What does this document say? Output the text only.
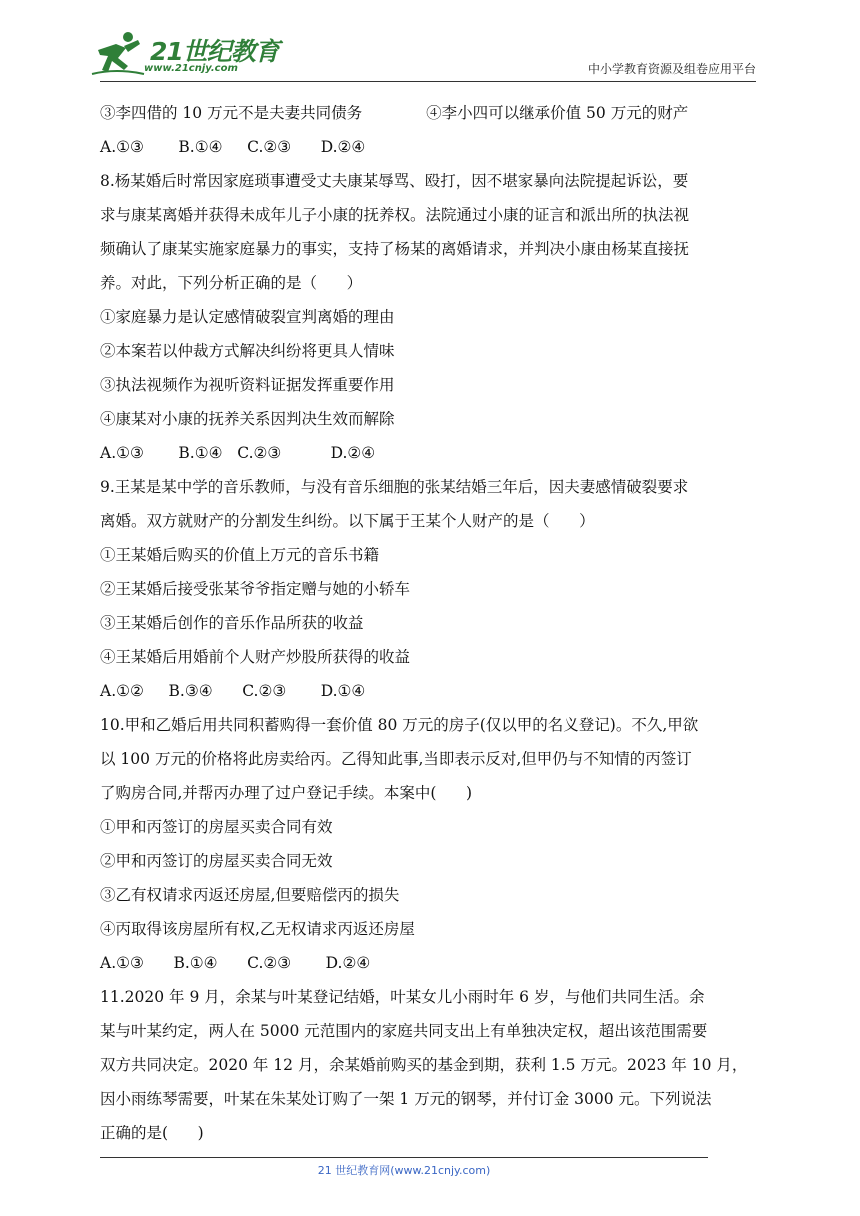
21世纪教育
www.21cnjy.com	中小学教育资源及组卷应用平台
③李四借的 10 万元不是夫妻共同债务             ④李小四可以继承价值 50 万元的财产
A.①③       B.①④     C.②③      D.②④
8.杨某婚后时常因家庭琐事遭受丈夫康某辱骂、殴打，因不堪家暴向法院提起诉讼，要
求与康某离婚并获得未成年儿子小康的抚养权。法院通过小康的证言和派出所的执法视
频确认了康某实施家庭暴力的事实，支持了杨某的离婚请求，并判决小康由杨某直接抚
养。对此，下列分析正确的是（      ）
①家庭暴力是认定感情破裂宣判离婚的理由
②本案若以仲裁方式解决纠纷将更具人情味
③执法视频作为视听资料证据发挥重要作用
④康某对小康的抚养关系因判决生效而解除
A.①③       B.①④   C.②③          D.②④
9.王某是某中学的音乐教师，与没有音乐细胞的张某结婚三年后，因夫妻感情破裂要求
离婚。双方就财产的分割发生纠纷。以下属于王某个人财产的是（      ）
①王某婚后购买的价值上万元的音乐书籍
②王某婚后接受张某爷爷指定赠与她的小轿车
③王某婚后创作的音乐作品所获的收益
④王某婚后用婚前个人财产炒股所获得的收益
A.①②     B.③④      C.②③       D.①④
10.甲和乙婚后用共同积蓄购得一套价值 80 万元的房子(仅以甲的名义登记)。不久,甲欲
以 100 万元的价格将此房卖给丙。乙得知此事,当即表示反对,但甲仍与不知情的丙签订
了购房合同,并帮丙办理了过户登记手续。本案中(      )
①甲和丙签订的房屋买卖合同有效
②甲和丙签订的房屋买卖合同无效
③乙有权请求丙返还房屋,但要赔偿丙的损失
④丙取得该房屋所有权,乙无权请求丙返还房屋
A.①③      B.①④      C.②③       D.②④
11.2020 年 9 月，余某与叶某登记结婚，叶某女儿小雨时年 6 岁，与他们共同生活。余
某与叶某约定，两人在 5000 元范围内的家庭共同支出上有单独决定权，超出该范围需要
双方共同决定。2020 年 12 月，余某婚前购买的基金到期，获利 1.5 万元。2023 年 10 月，
因小雨练琴需要，叶某在朱某处订购了一架 1 万元的钢琴，并付订金 3000 元。下列说法
正确的是(      )
21 世纪教育网(www.21cnjy.com)
